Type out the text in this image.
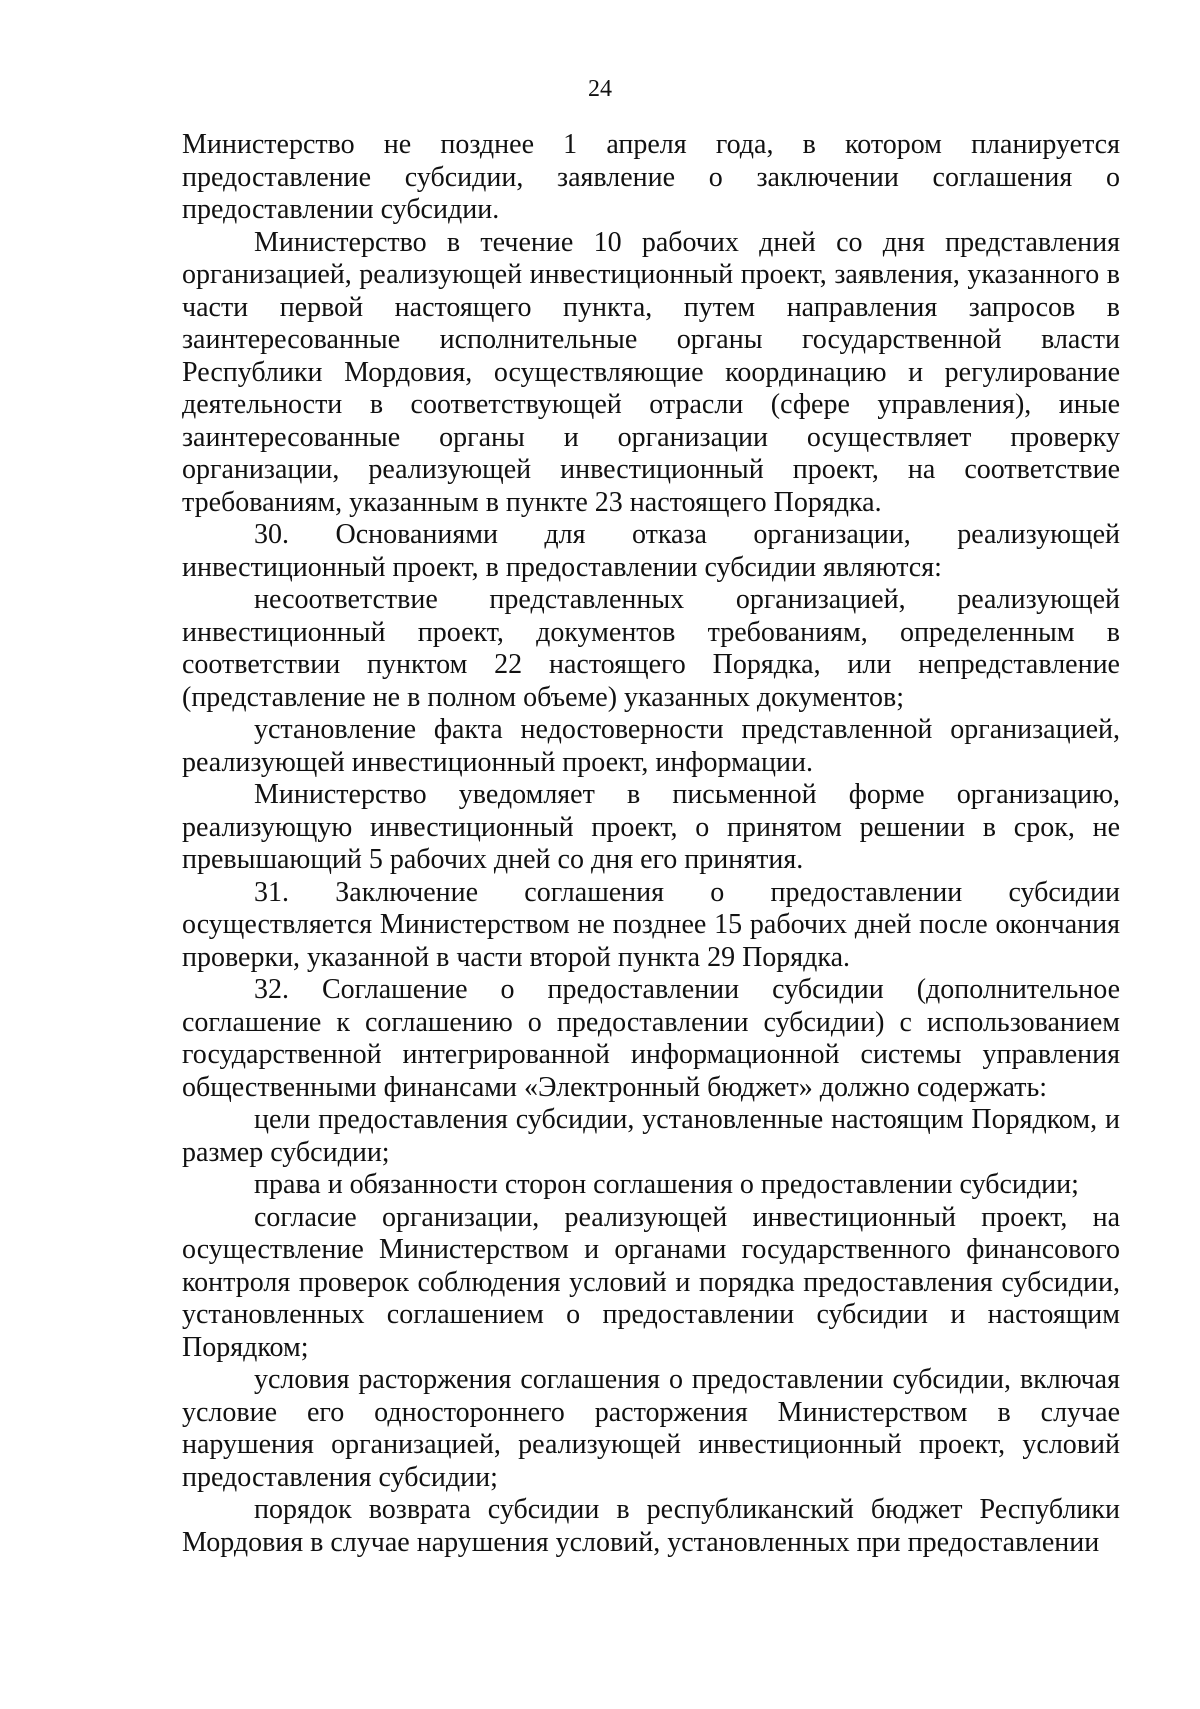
24

Министерство не позднее 1 апреля года, в котором планируется предоставление субсидии, заявление о заключении соглашения о предоставлении субсидии.

Министерство в течение 10 рабочих дней со дня представления организацией, реализующей инвестиционный проект, заявления, указанного в части первой настоящего пункта, путем направления запросов в заинтересованные исполнительные органы государственной власти Республики Мордовия, осуществляющие координацию и регулирование деятельности в соответствующей отрасли (сфере управления), иные заинтересованные органы и организации осуществляет проверку организации, реализующей инвестиционный проект, на соответствие требованиям, указанным в пункте 23 настоящего Порядка.

30. Основаниями для отказа организации, реализующей инвестиционный проект, в предоставлении субсидии являются:

несоответствие представленных организацией, реализующей инвестиционный проект, документов требованиям, определенным в соответствии пунктом 22 настоящего Порядка, или непредставление (представление не в полном объеме) указанных документов;

установление факта недостоверности представленной организацией, реализующей инвестиционный проект, информации.

Министерство уведомляет в письменной форме организацию, реализующую инвестиционный проект, о принятом решении в срок, не превышающий 5 рабочих дней со дня его принятия.

31. Заключение соглашения о предоставлении субсидии осуществляется Министерством не позднее 15 рабочих дней после окончания проверки, указанной в части второй пункта 29 Порядка.

32. Соглашение о предоставлении субсидии (дополнительное соглашение к соглашению о предоставлении субсидии) с использованием государственной интегрированной информационной системы управления общественными финансами «Электронный бюджет» должно содержать:

цели предоставления субсидии, установленные настоящим Порядком, и размер субсидии;

права и обязанности сторон соглашения о предоставлении субсидии;

согласие организации, реализующей инвестиционный проект, на осуществление Министерством и органами государственного финансового контроля проверок соблюдения условий и порядка предоставления субсидии, установленных соглашением о предоставлении субсидии и настоящим Порядком;

условия расторжения соглашения о предоставлении субсидии, включая условие его одностороннего расторжения Министерством в случае нарушения организацией, реализующей инвестиционный проект, условий предоставления субсидии;

порядок возврата субсидии в республиканский бюджет Республики Мордовия в случае нарушения условий, установленных при предоставлении
